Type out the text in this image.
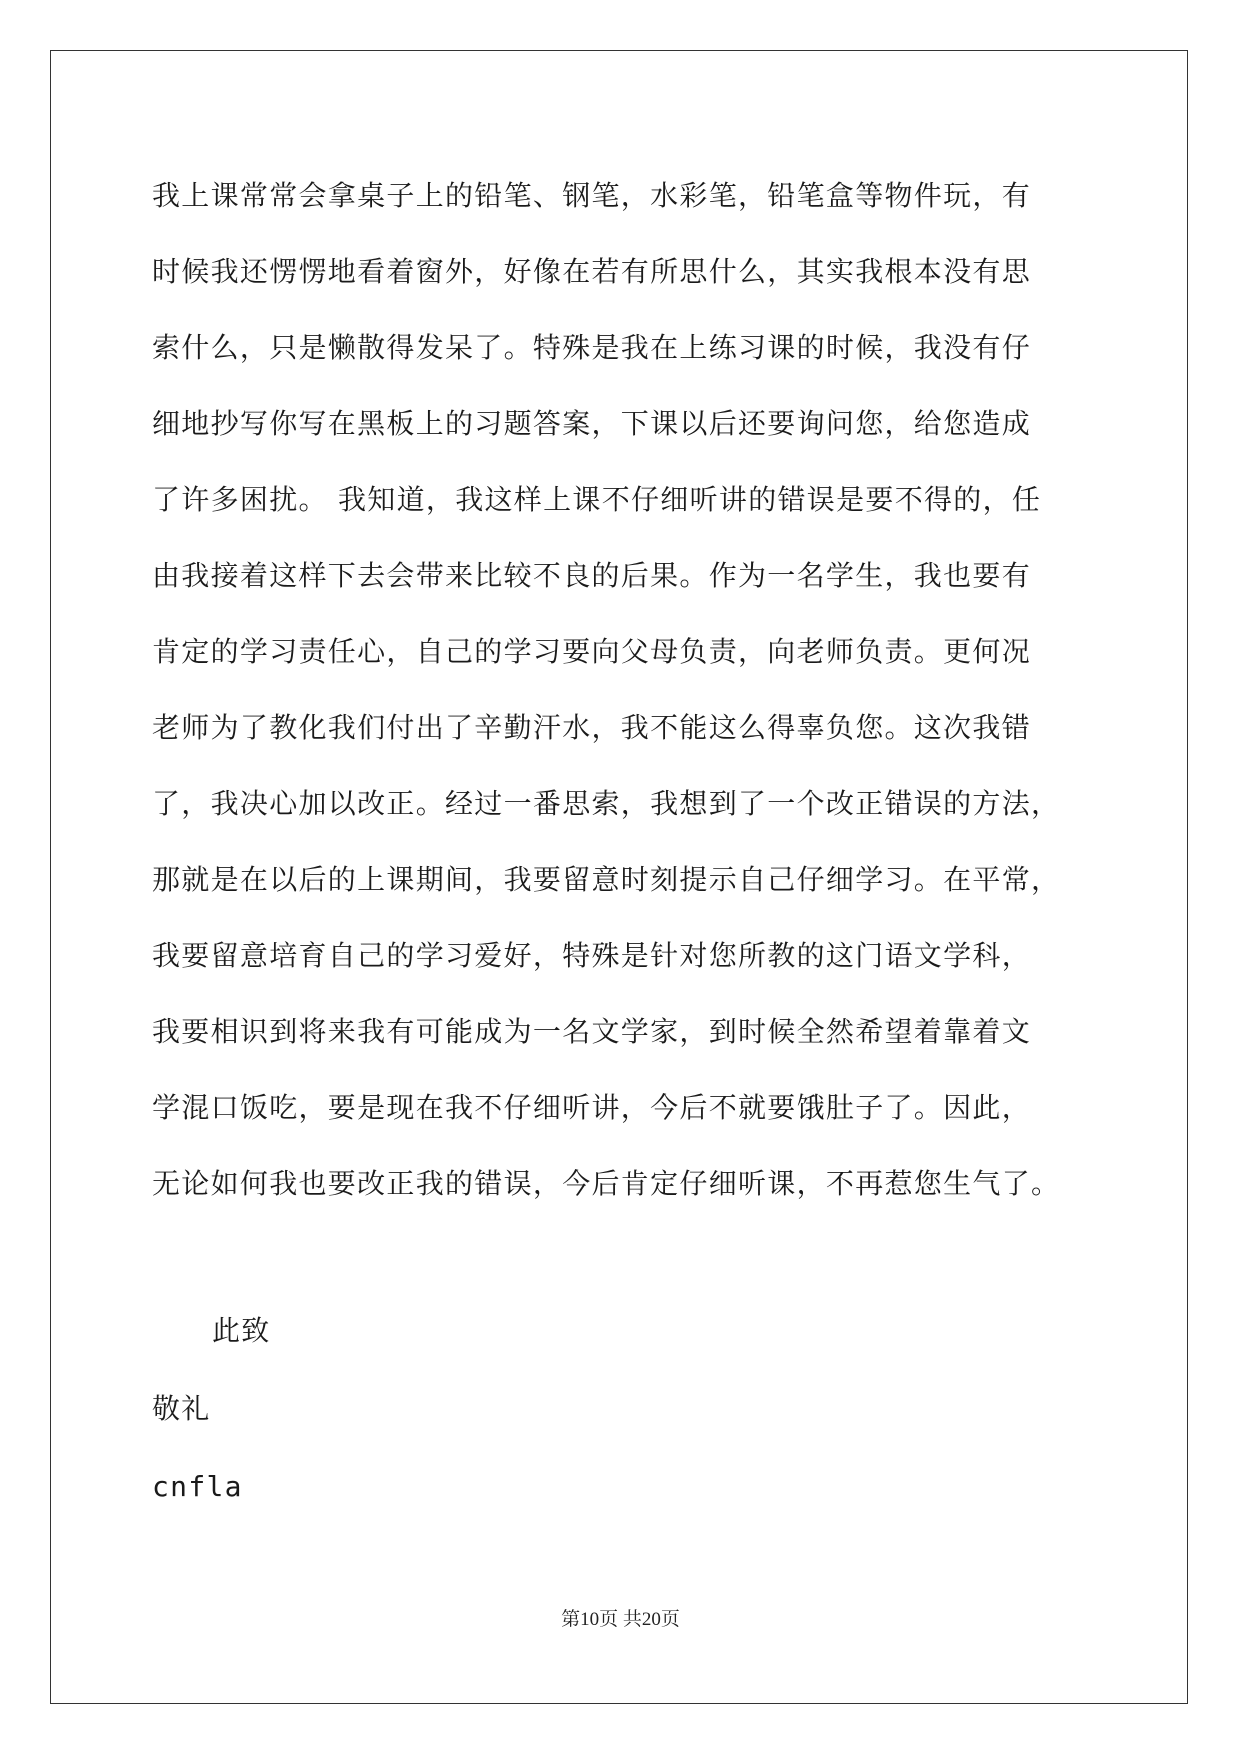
我上课常常会拿桌子上的铅笔、钢笔，水彩笔，铅笔盒等物件玩，有
时候我还愣愣地看着窗外，好像在若有所思什么，其实我根本没有思
索什么，只是懒散得发呆了。特殊是我在上练习课的时候，我没有仔
细地抄写你写在黑板上的习题答案，下课以后还要询问您，给您造成
了许多困扰。 我知道，我这样上课不仔细听讲的错误是要不得的，任
由我接着这样下去会带来比较不良的后果。作为一名学生，我也要有
肯定的学习责任心，自己的学习要向父母负责，向老师负责。更何况
老师为了教化我们付出了辛勤汗水，我不能这么得辜负您。这次我错
了，我决心加以改正。经过一番思索，我想到了一个改正错误的方法，
那就是在以后的上课期间，我要留意时刻提示自己仔细学习。在平常，
我要留意培育自己的学习爱好，特殊是针对您所教的这门语文学科，
我要相识到将来我有可能成为一名文学家，到时候全然希望着靠着文
学混口饭吃，要是现在我不仔细听讲，今后不就要饿肚子了。因此，
无论如何我也要改正我的错误，今后肯定仔细听课，不再惹您生气了。
此致
敬礼
cnfla
第10页 共20页
